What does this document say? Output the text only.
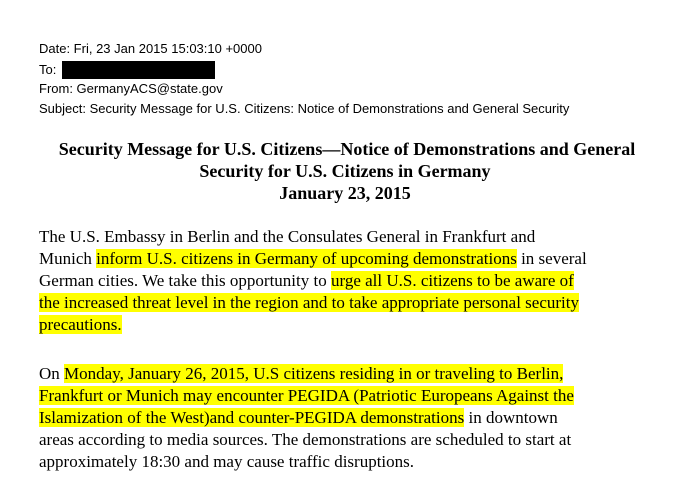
Date: Fri, 23 Jan 2015 15:03:10 +0000
To:
From: GermanyACS@state.gov
Subject: Security Message for U.S. Citizens: Notice of Demonstrations and General Security
Security Message for U.S. Citizens—Notice of Demonstrations and General
Security for U.S. Citizens in Germany
January 23, 2015
The U.S. Embassy in Berlin and the Consulates General in Frankfurt and
Munich inform U.S. citizens in Germany of upcoming demonstrations in several
German cities. We take this opportunity to urge all U.S. citizens to be aware of
the increased threat level in the region and to take appropriate personal security
precautions.
On Monday, January 26, 2015, U.S citizens residing in or traveling to Berlin,
Frankfurt or Munich may encounter PEGIDA (Patriotic Europeans Against the
Islamization of the West)and counter-PEGIDA demonstrations in downtown
areas according to media sources. The demonstrations are scheduled to start at
approximately 18:30 and may cause traffic disruptions.
